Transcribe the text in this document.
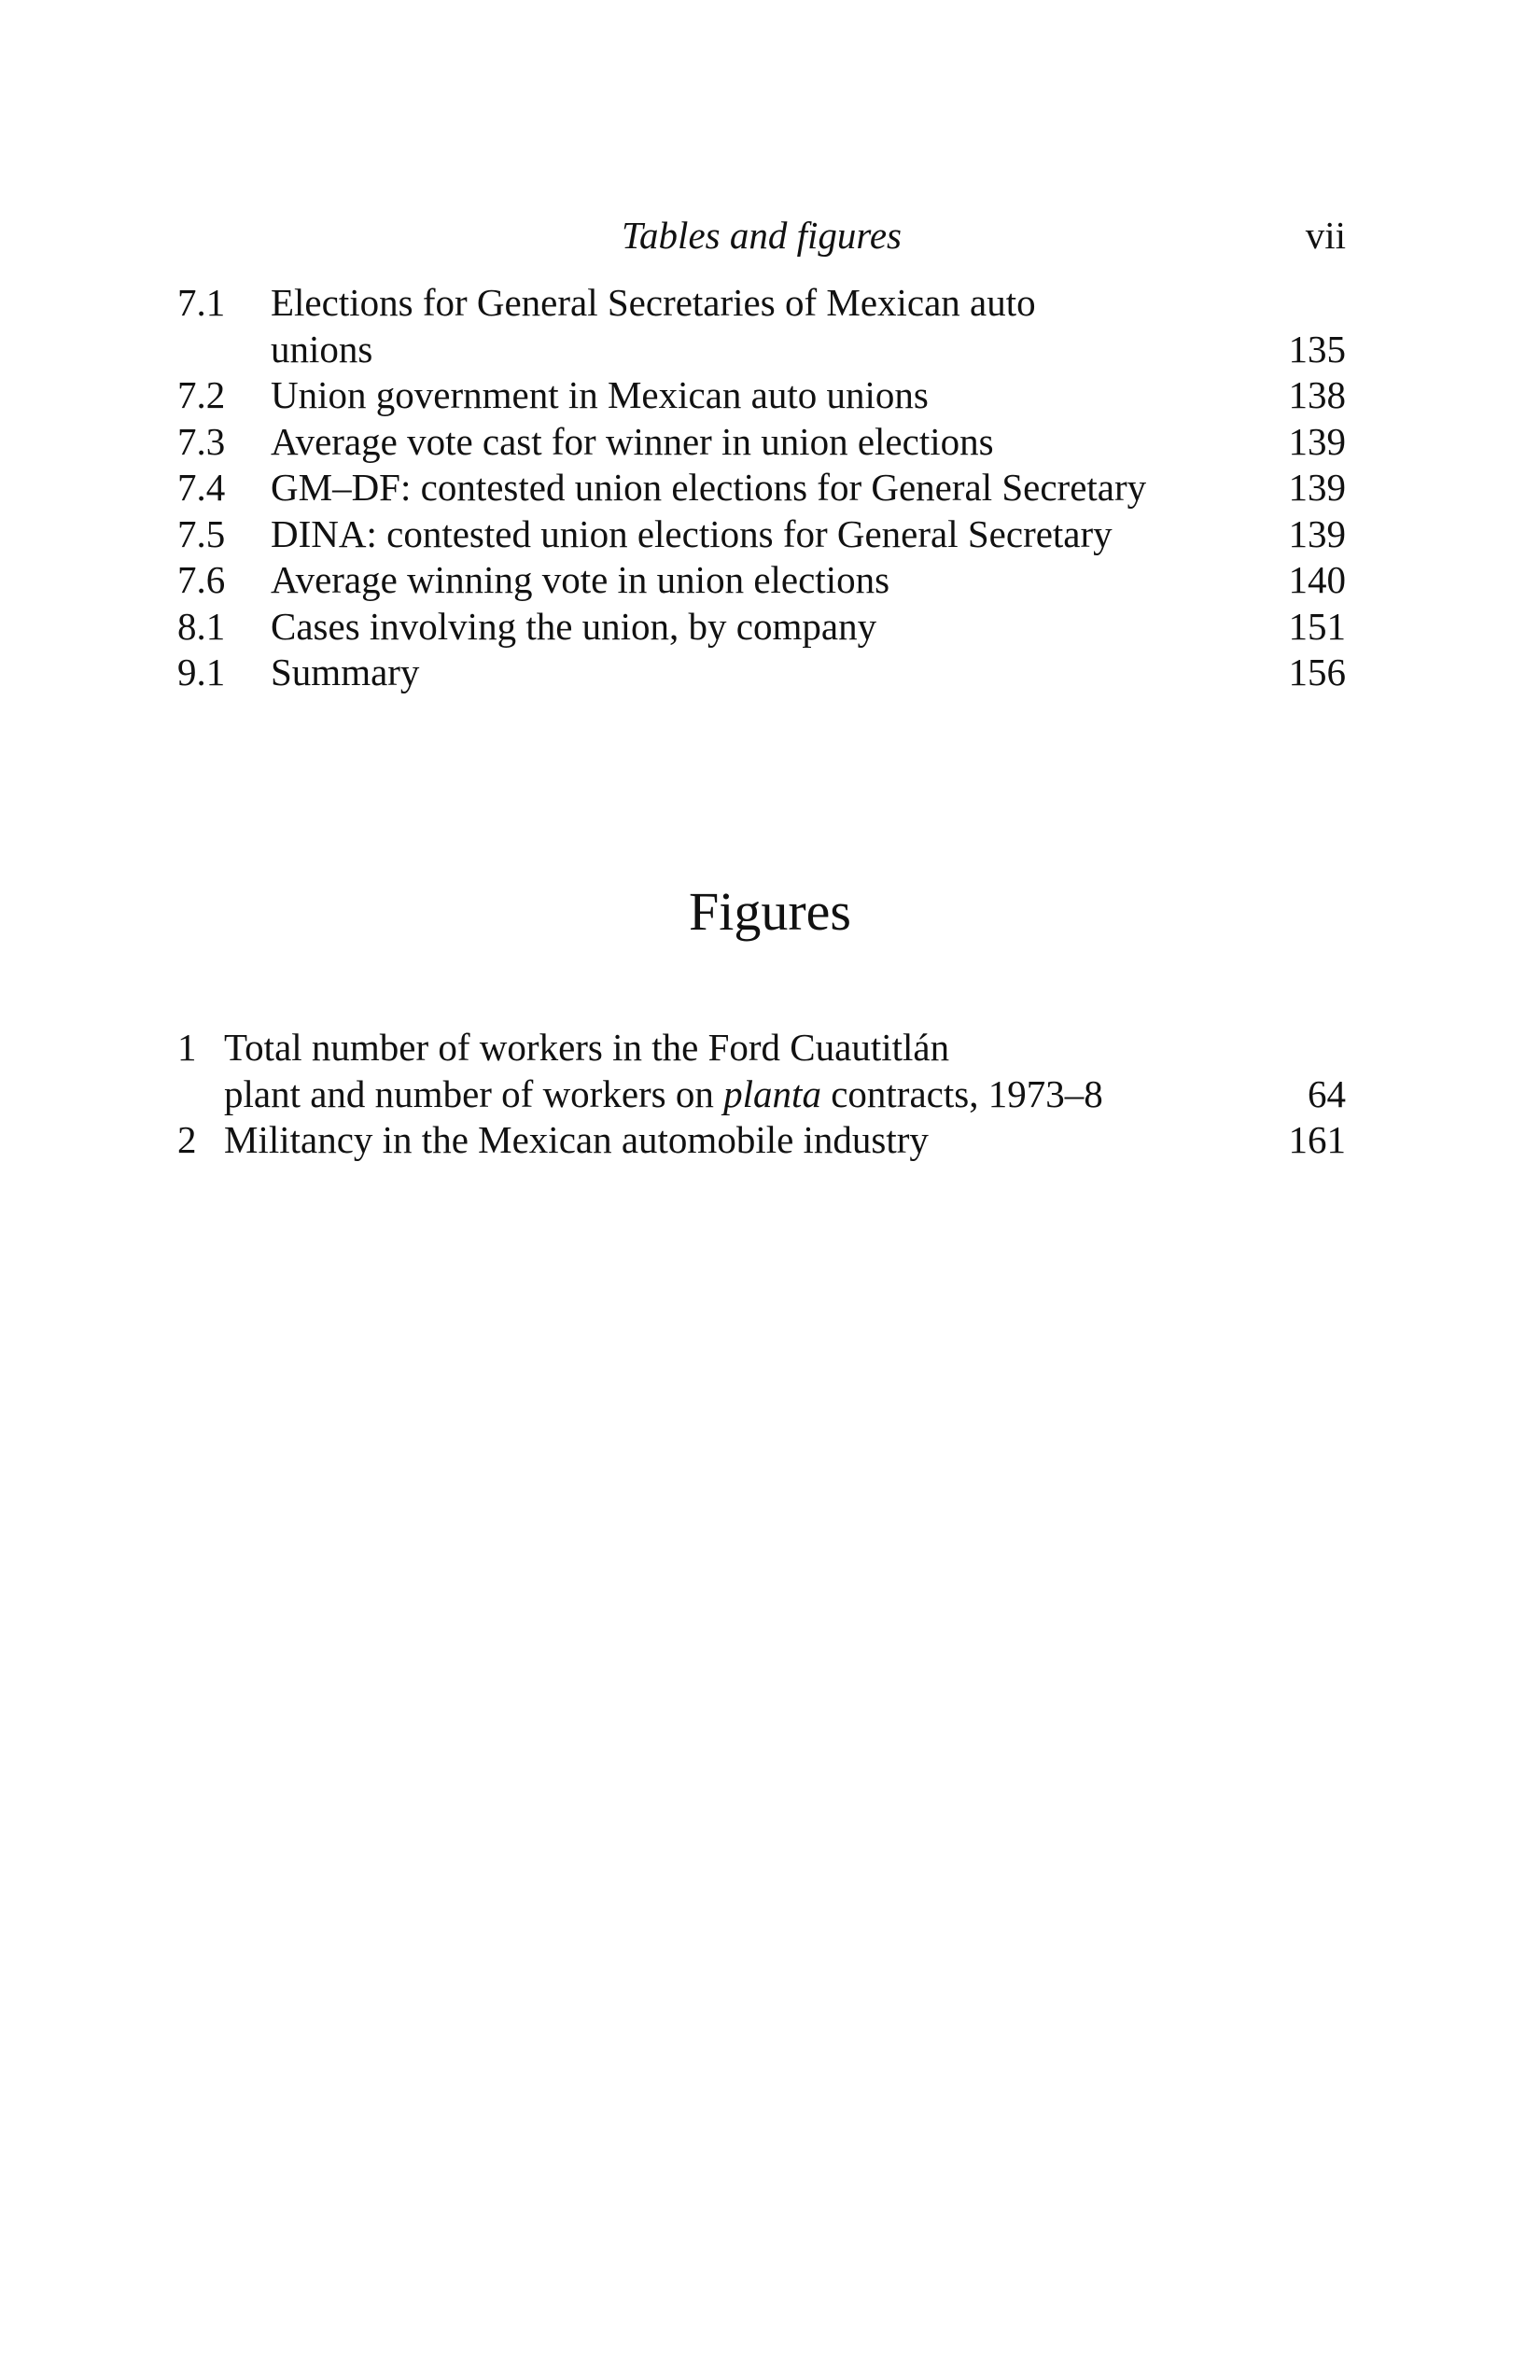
Tables and figures	vii
7.1	Elections for General Secretaries of Mexican auto
unions	135
7.2	Union government in Mexican auto unions	138
7.3	Average vote cast for winner in union elections	139
7.4	GM–DF: contested union elections for General Secretary	139
7.5	DINA: contested union elections for General Secretary	139
7.6	Average winning vote in union elections	140
8.1	Cases involving the union, by company	151
9.1	Summary	156
Figures
1 Total number of workers in the Ford Cuautitlán
plant and number of workers on planta contracts, 1973–8	64
2 Militancy in the Mexican automobile industry	161
